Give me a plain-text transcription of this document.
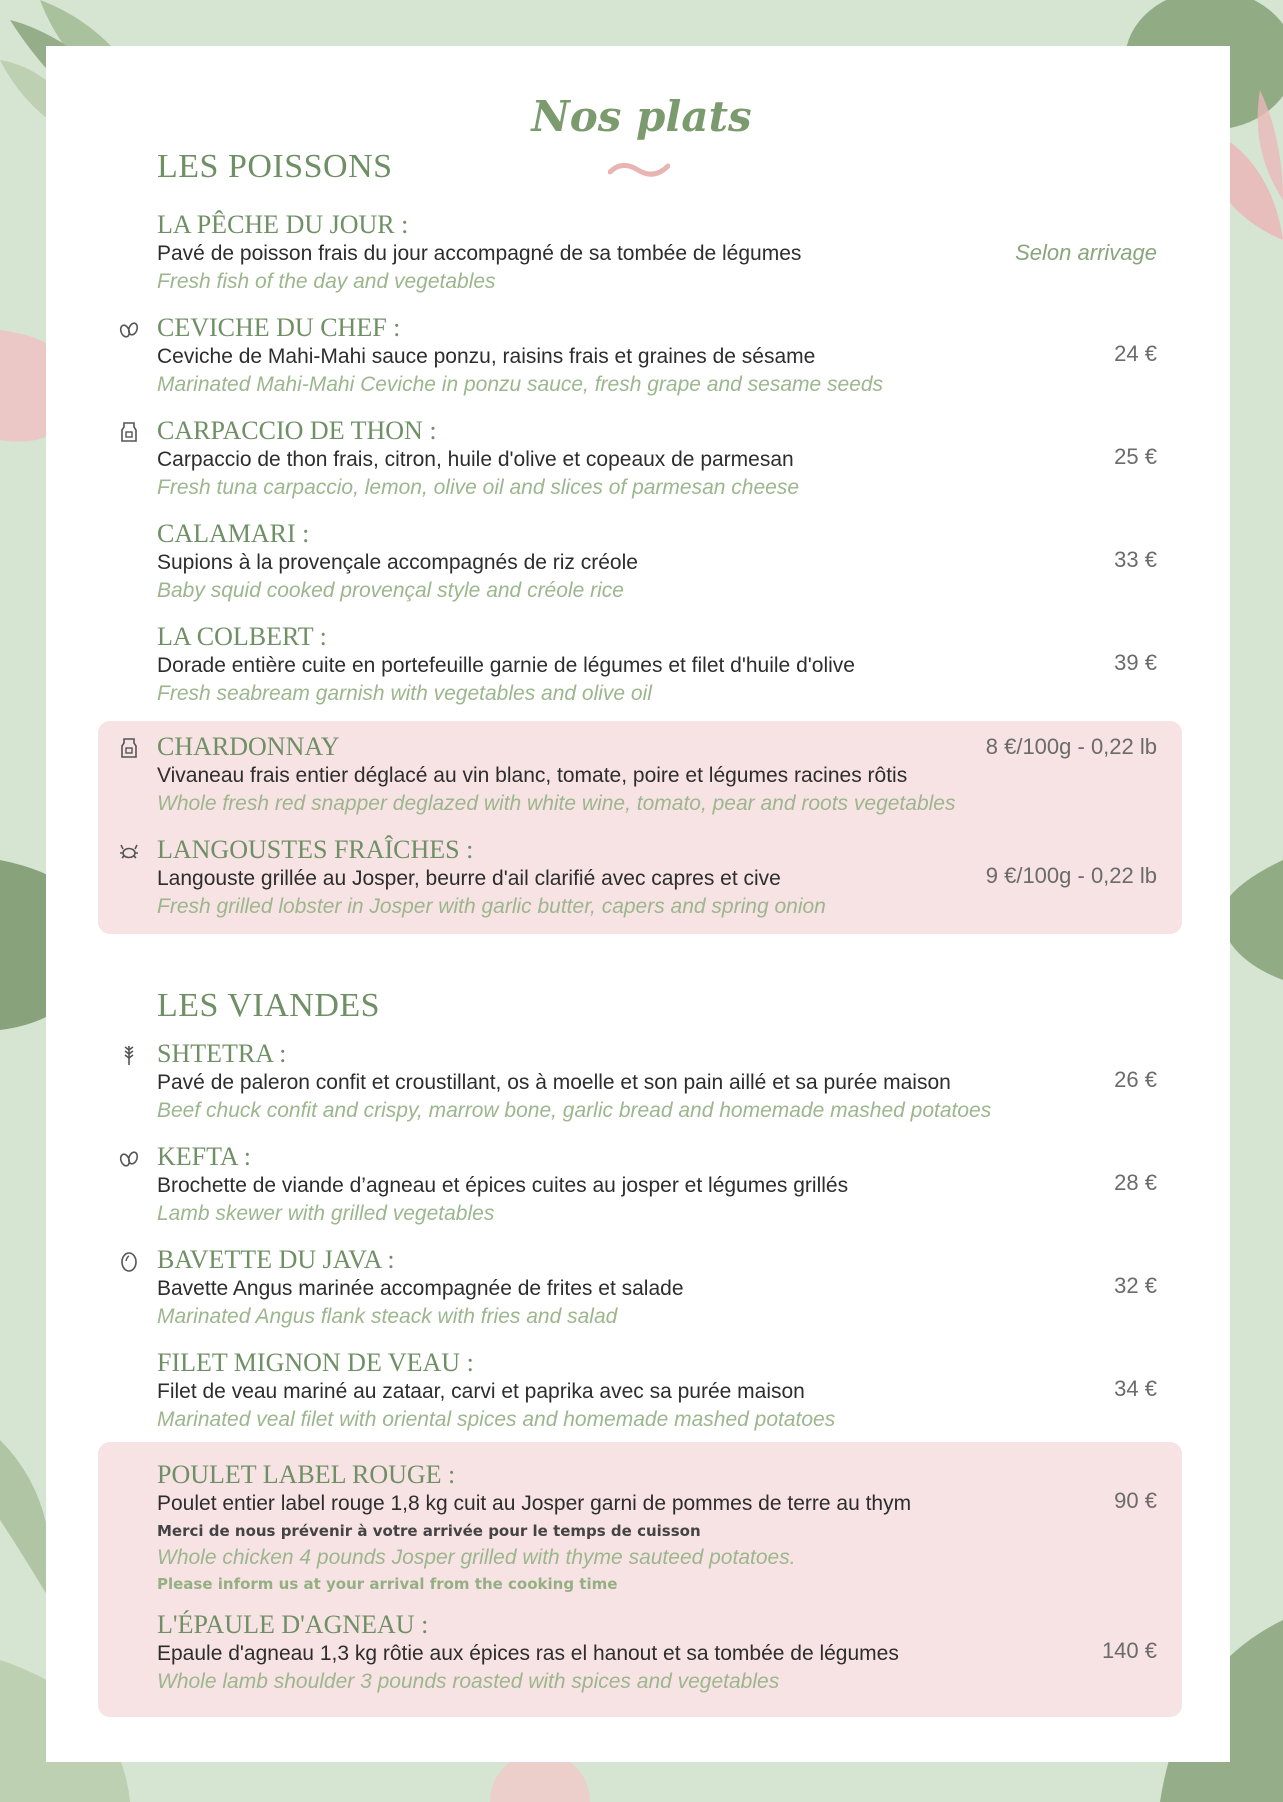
Nos plats
LES POISSONS
LA PÊCHE DU JOUR :
Pavé de poisson frais du jour accompagné de sa tombée de légumes
Fresh fish of the day and vegetables
Selon arrivage
CEVICHE DU CHEF :
Ceviche de Mahi-Mahi sauce ponzu, raisins frais et graines de sésame
Marinated Mahi-Mahi Ceviche in ponzu sauce, fresh grape and sesame seeds
24 €
CARPACCIO DE THON :
Carpaccio de thon frais, citron, huile d'olive et copeaux de parmesan
Fresh tuna carpaccio, lemon, olive oil and slices of parmesan cheese
25 €
CALAMARI :
Supions à la provençale accompagnés de riz créole
Baby squid cooked provençal style and créole rice
33 €
LA COLBERT :
Dorade entière cuite en portefeuille garnie de légumes et filet d'huile d'olive
Fresh seabream garnish with vegetables and olive oil
39 €
CHARDONNAY
Vivaneau frais entier déglacé au vin blanc, tomate, poire et légumes racines rôtis
Whole fresh red snapper deglazed with white wine, tomato, pear and roots vegetables
8 €/100g - 0,22 lb
LANGOUSTES FRAÎCHES :
Langouste grillée au Josper, beurre d'ail clarifié avec capres et cive
Fresh grilled lobster in Josper with garlic butter, capers and spring onion
9 €/100g - 0,22 lb
LES VIANDES
SHTETRA :
Pavé de paleron confit et croustillant, os à moelle et son pain aillé et sa purée maison
Beef chuck confit and crispy, marrow bone, garlic bread and homemade mashed potatoes
26 €
KEFTA :
Brochette de viande d’agneau et épices cuites au josper et légumes grillés
Lamb skewer with grilled vegetables
28 €
BAVETTE DU JAVA :
Bavette Angus marinée accompagnée de frites et salade
Marinated Angus flank steack with fries and salad
32 €
FILET MIGNON DE VEAU :
Filet de veau mariné au zataar, carvi et paprika avec sa purée maison
Marinated veal filet with oriental spices and homemade mashed potatoes
34 €
POULET LABEL ROUGE :
Poulet entier label rouge 1,8 kg cuit au Josper garni de pommes de terre au thym
Merci de nous prévenir à votre arrivée pour le temps de cuisson
Whole chicken 4 pounds Josper grilled with thyme sauteed potatoes.
Please inform us at your arrival from the cooking time
90 €
L'ÉPAULE D'AGNEAU :
Epaule d'agneau 1,3 kg rôtie aux épices ras el hanout et sa tombée de légumes
Whole lamb shoulder 3 pounds roasted with spices and vegetables
140 €
